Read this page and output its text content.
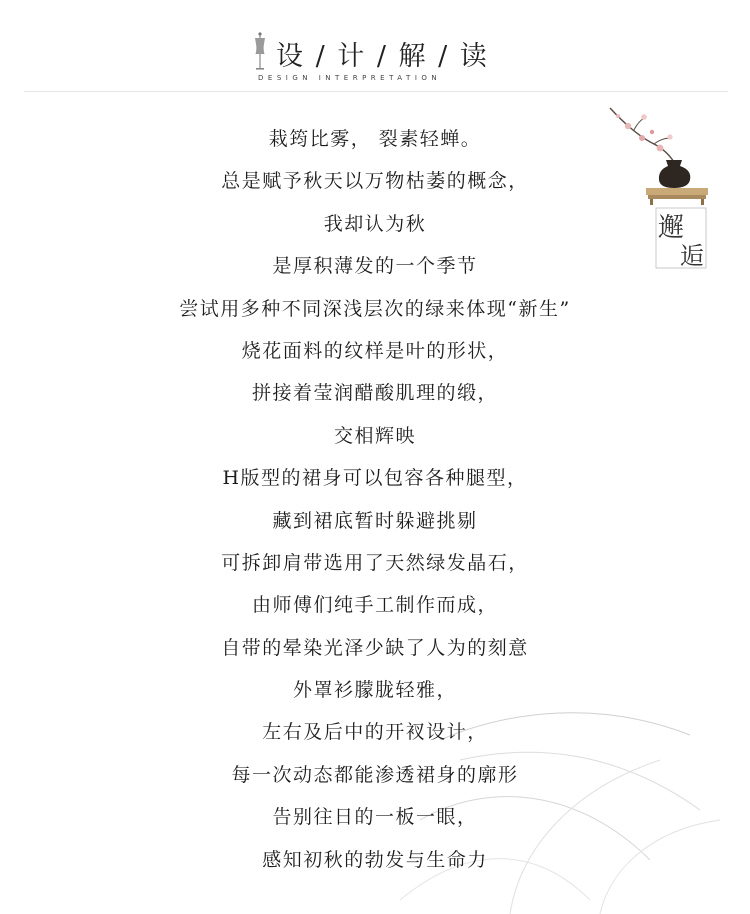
设 / 计 / 解 / 读
DESIGN INTERPRETATION
邂
逅
栽筠比雾， 裂素轻蝉。
总是赋予秋天以万物枯萎的概念，
我却认为秋
是厚积薄发的一个季节
尝试用多种不同深浅层次的绿来体现“新生”
烧花面料的纹样是叶的形状，
拼接着莹润醋酸肌理的缎，
交相辉映
H版型的裙身可以包容各种腿型，
藏到裙底暂时躲避挑剔
可拆卸肩带选用了天然绿发晶石，
由师傅们纯手工制作而成，
自带的晕染光泽少缺了人为的刻意
外罩衫朦胧轻雅，
左右及后中的开衩设计，
每一次动态都能渗透裙身的廓形
告别往日的一板一眼，
感知初秋的勃发与生命力
